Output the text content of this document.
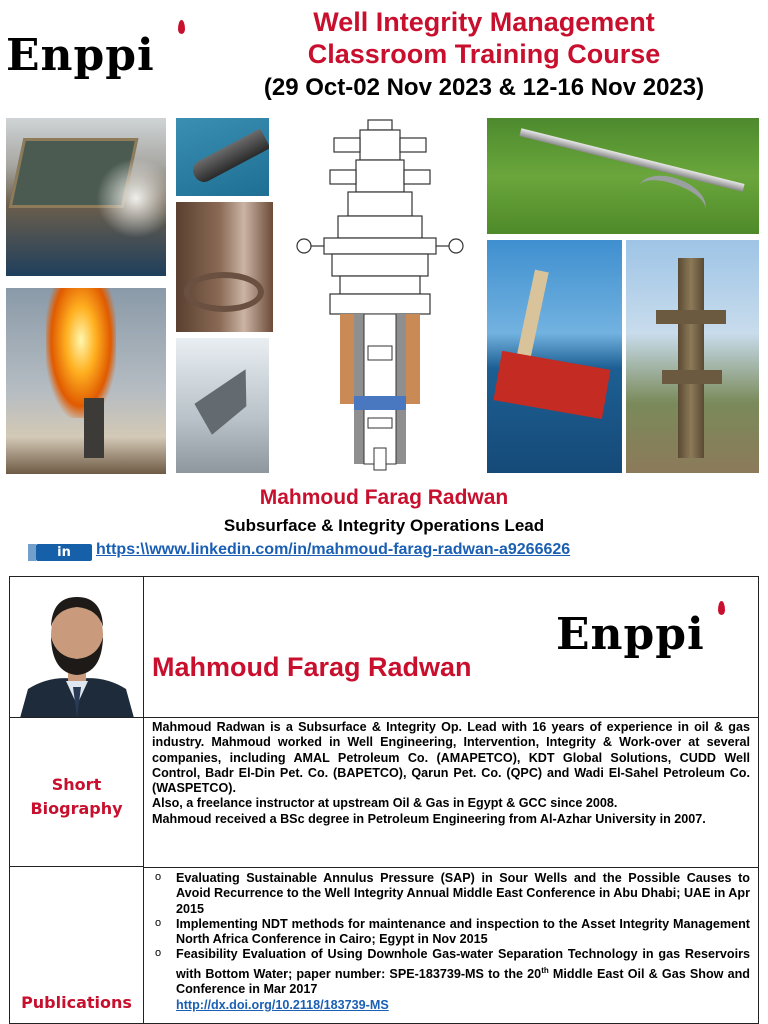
Enppi
Well Integrity Management
Classroom Training Course
(29 Oct-02 Nov 2023 & 12-16 Nov 2023)
Mahmoud Farag Radwan
Subsurface & Integrity Operations Lead
in	https:\\www.linkedin.com/in/mahmoud-farag-radwan-a9266626
Enppi
Mahmoud Farag Radwan
Short
Biography

Mahmoud Radwan is a Subsurface & Integrity Op. Lead with 16 years of experience in oil & gas industry. Mahmoud worked in Well Engineering, Intervention, Integrity & Work-over at several companies, including AMAL Petroleum Co. (AMAPETCO), KDT Global Solutions, CUDD Well Control, Badr El-Din Pet. Co. (BAPETCO), Qarun Pet. Co. (QPC) and Wadi El-Sahel Petroleum Co. (WASPETCO).

Also, a freelance instructor at upstream Oil & Gas in Egypt & GCC since 2008.

Mahmoud received a BSc degree in Petroleum Engineering from Al-Azhar University in 2007.

Publications
o Evaluating Sustainable Annulus Pressure (SAP) in Sour Wells and the Possible Causes to Avoid Recurrence to the Well Integrity Annual Middle East Conference in Abu Dhabi; UAE in Apr 2015
o Implementing NDT methods for maintenance and inspection to the Asset Integrity Management North Africa Conference in Cairo; Egypt in Nov 2015
o Feasibility Evaluation of Using Downhole Gas-water Separation Technology in gas Reservoirs with Bottom Water; paper number: SPE-183739-MS to the 20th Middle East Oil & Gas Show and Conference in Mar 2017
http://dx.doi.org/10.2118/183739-MS
